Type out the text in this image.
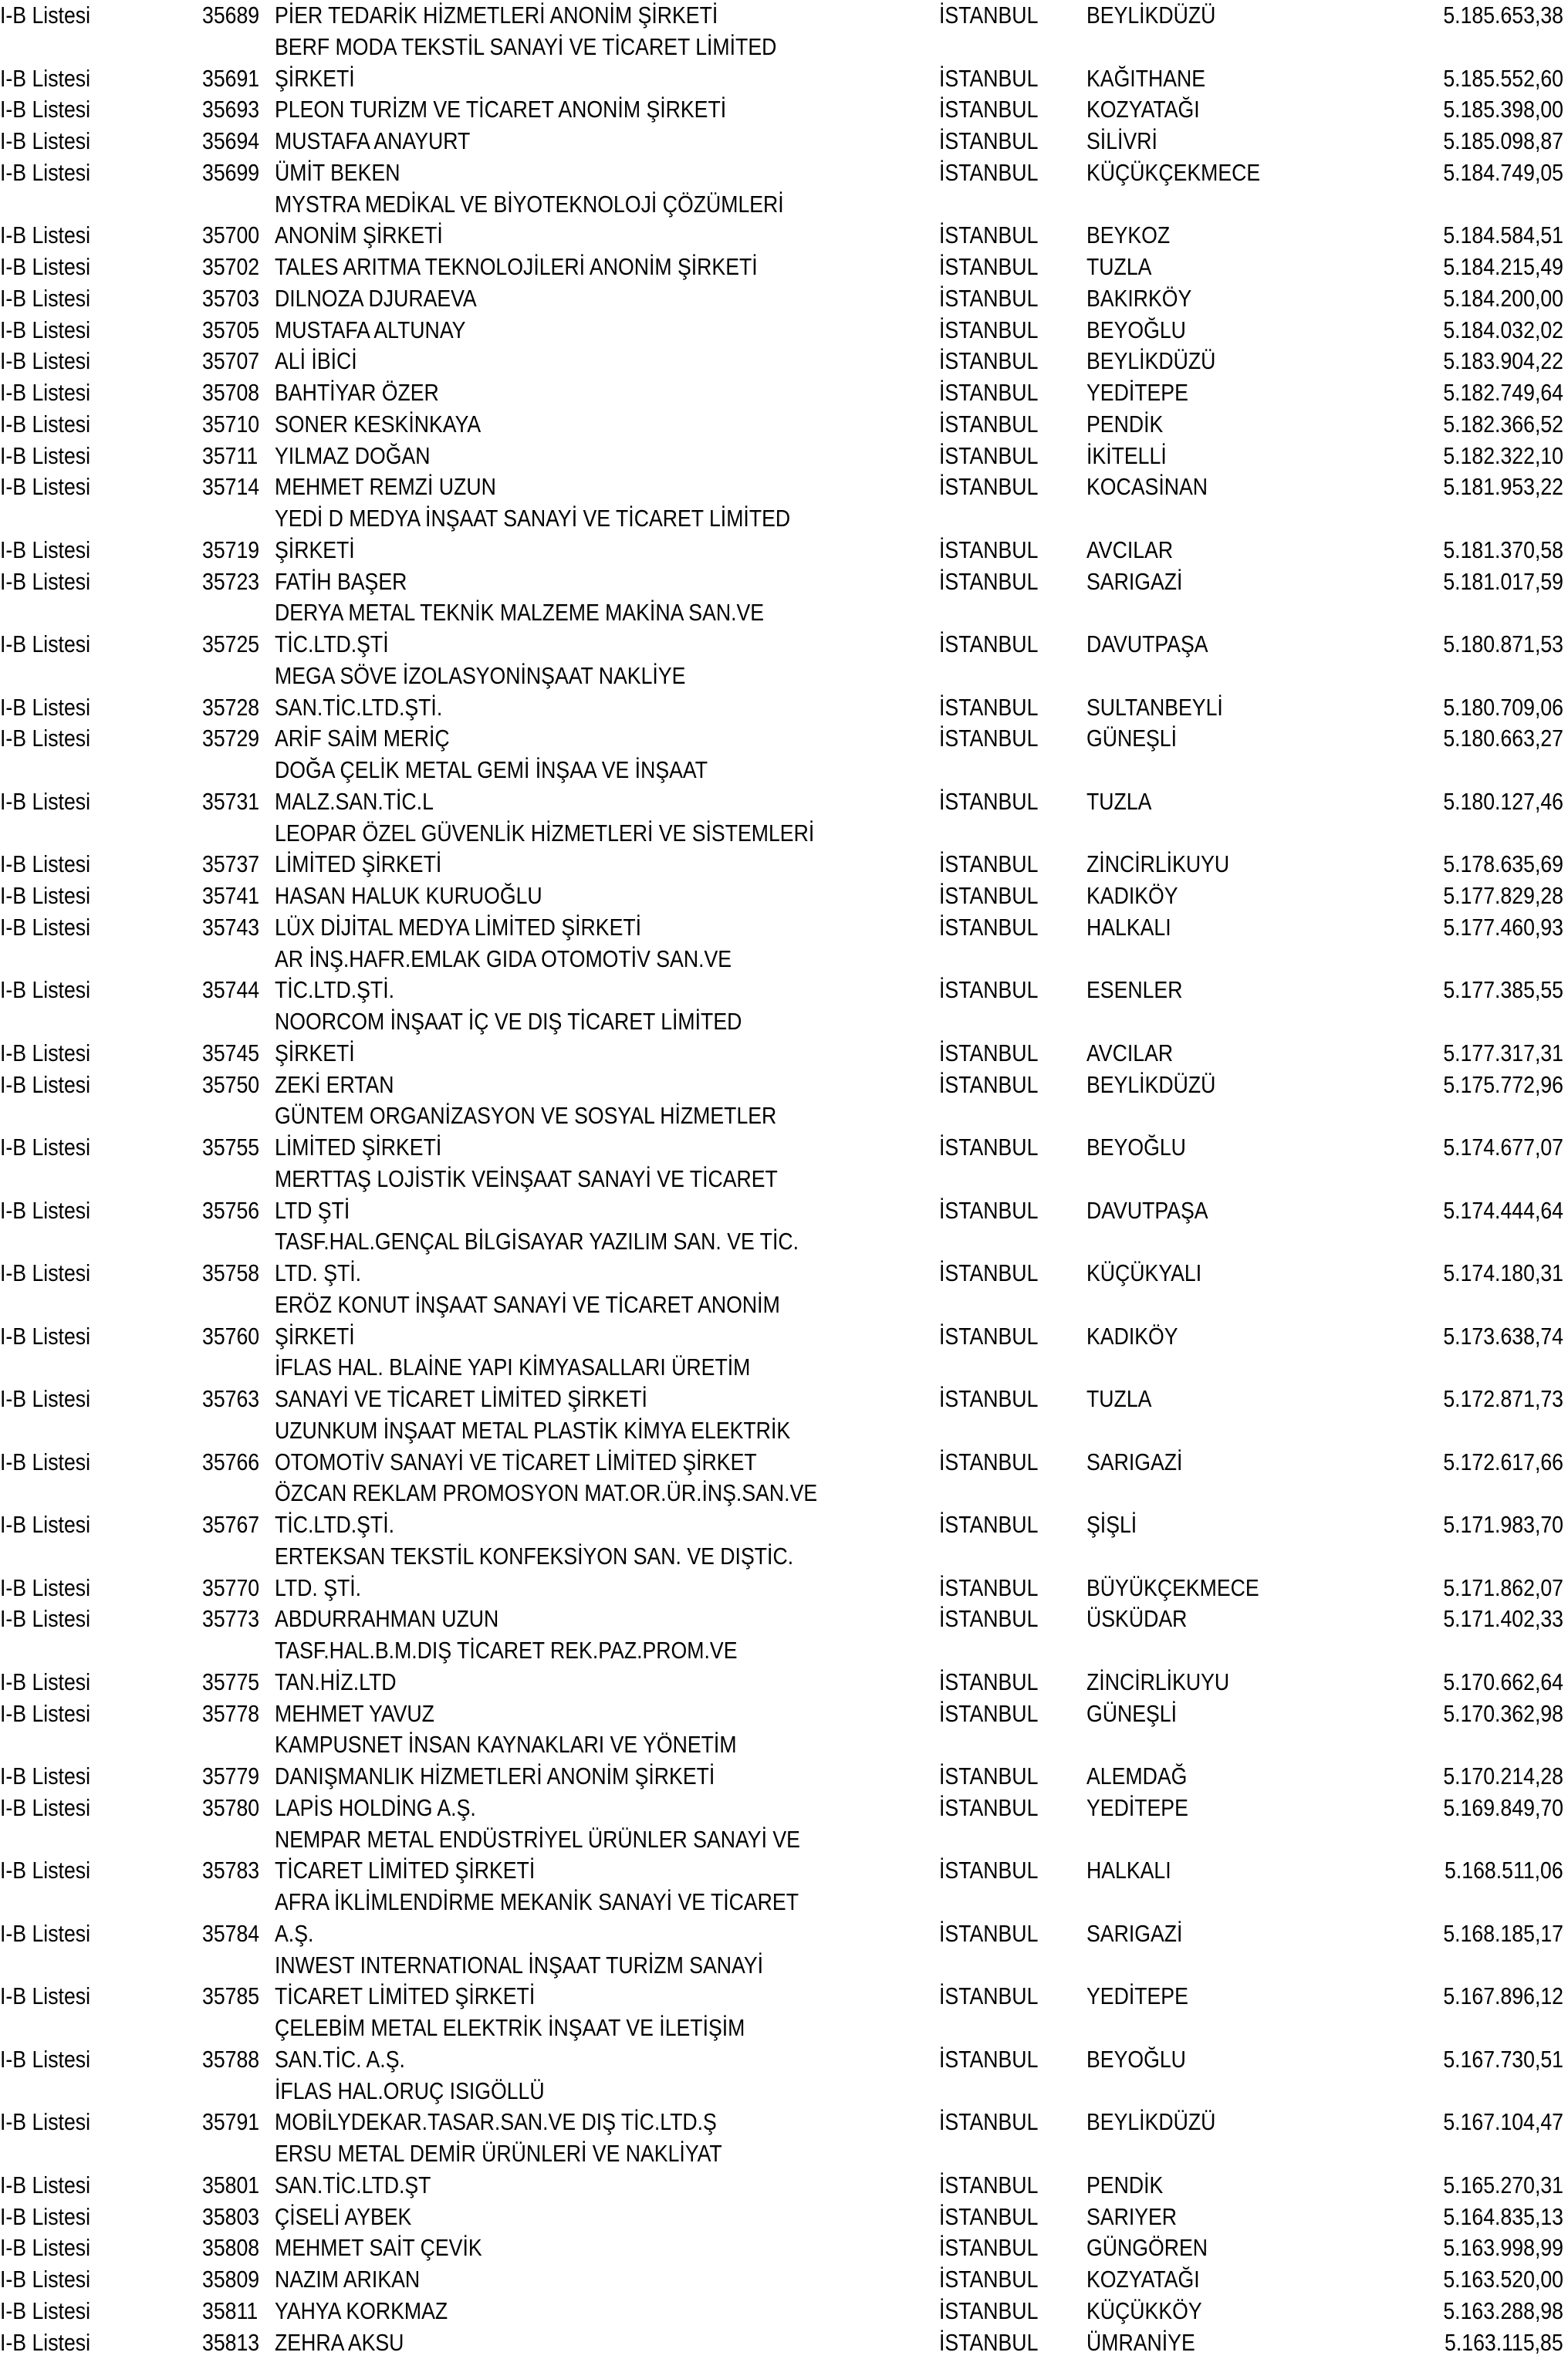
I-B Listesi	35689 PİER TEDARİK HİZMETLERİ ANONİM ŞİRKETİ	İSTANBUL BEYLİKDÜZÜ	5.185.653,38
BERF MODA TEKSTİL SANAYİ VE TİCARET LİMİTED
I-B Listesi	35691 ŞİRKETİ	İSTANBUL KAĞITHANE	5.185.552,60
I-B Listesi	35693 PLEON TURİZM VE TİCARET ANONİM ŞİRKETİ	İSTANBUL KOZYATAĞI	5.185.398,00
I-B Listesi	35694 MUSTAFA ANAYURT	İSTANBUL SİLİVRİ	5.185.098,87
I-B Listesi	35699 ÜMİT BEKEN	İSTANBUL KÜÇÜKÇEKMECE	5.184.749,05
MYSTRA MEDİKAL VE BİYOTEKNOLOJİ ÇÖZÜMLERİ
I-B Listesi	35700 ANONİM ŞİRKETİ	İSTANBUL BEYKOZ	5.184.584,51
I-B Listesi	35702 TALES ARITMA TEKNOLOJİLERİ ANONİM ŞİRKETİ	İSTANBUL TUZLA	5.184.215,49
I-B Listesi	35703 DILNOZA DJURAEVA	İSTANBUL BAKIRKÖY	5.184.200,00
I-B Listesi	35705 MUSTAFA ALTUNAY	İSTANBUL BEYOĞLU	5.184.032,02
I-B Listesi	35707 ALİ İBİCİ	İSTANBUL BEYLİKDÜZÜ	5.183.904,22
I-B Listesi	35708 BAHTİYAR ÖZER	İSTANBUL YEDİTEPE	5.182.749,64
I-B Listesi	35710 SONER KESKİNKAYA	İSTANBUL PENDİK	5.182.366,52
I-B Listesi	35711 YILMAZ DOĞAN	İSTANBUL İKİTELLİ	5.182.322,10
I-B Listesi	35714 MEHMET REMZİ UZUN	İSTANBUL KOCASİNAN	5.181.953,22
YEDİ D MEDYA İNŞAAT SANAYİ VE TİCARET LİMİTED
I-B Listesi	35719 ŞİRKETİ	İSTANBUL AVCILAR	5.181.370,58
I-B Listesi	35723 FATİH BAŞER	İSTANBUL SARIGAZİ	5.181.017,59
DERYA METAL TEKNİK MALZEME MAKİNA SAN.VE
I-B Listesi	35725 TİC.LTD.ŞTİ	İSTANBUL DAVUTPAŞA	5.180.871,53
MEGA SÖVE İZOLASYONİNŞAAT NAKLİYE
I-B Listesi	35728 SAN.TİC.LTD.ŞTİ.	İSTANBUL SULTANBEYLİ	5.180.709,06
I-B Listesi	35729 ARİF SAİM MERİÇ	İSTANBUL GÜNEŞLİ	5.180.663,27
DOĞA ÇELİK METAL GEMİ İNŞAA VE İNŞAAT
I-B Listesi	35731 MALZ.SAN.TİC.L	İSTANBUL TUZLA	5.180.127,46
LEOPAR ÖZEL GÜVENLİK HİZMETLERİ VE SİSTEMLERİ
I-B Listesi	35737 LİMİTED ŞİRKETİ	İSTANBUL ZİNCİRLİKUYU	5.178.635,69
I-B Listesi	35741 HASAN HALUK KURUOĞLU	İSTANBUL KADIKÖY	5.177.829,28
I-B Listesi	35743 LÜX DİJİTAL MEDYA LİMİTED ŞİRKETİ	İSTANBUL HALKALI	5.177.460,93
AR İNŞ.HAFR.EMLAK GIDA OTOMOTİV SAN.VE
I-B Listesi	35744 TİC.LTD.ŞTİ.	İSTANBUL ESENLER	5.177.385,55
NOORCOM İNŞAAT İÇ VE DIŞ TİCARET LİMİTED
I-B Listesi	35745 ŞİRKETİ	İSTANBUL AVCILAR	5.177.317,31
I-B Listesi	35750 ZEKİ ERTAN	İSTANBUL BEYLİKDÜZÜ	5.175.772,96
GÜNTEM ORGANİZASYON VE SOSYAL HİZMETLER
I-B Listesi	35755 LİMİTED ŞİRKETİ	İSTANBUL BEYOĞLU	5.174.677,07
MERTTAŞ LOJİSTİK VEİNŞAAT SANAYİ VE TİCARET
I-B Listesi	35756 LTD ŞTİ	İSTANBUL DAVUTPAŞA	5.174.444,64
TASF.HAL.GENÇAL BİLGİSAYAR YAZILIM SAN. VE TİC.
I-B Listesi	35758 LTD. ŞTİ.	İSTANBUL KÜÇÜKYALI	5.174.180,31
ERÖZ KONUT İNŞAAT SANAYİ VE TİCARET ANONİM
I-B Listesi	35760 ŞİRKETİ	İSTANBUL KADIKÖY	5.173.638,74
İFLAS HAL. BLAİNE YAPI KİMYASALLARI ÜRETİM
I-B Listesi	35763 SANAYİ VE TİCARET LİMİTED ŞİRKETİ	İSTANBUL TUZLA	5.172.871,73
UZUNKUM İNŞAAT METAL PLASTİK KİMYA ELEKTRİK
I-B Listesi	35766 OTOMOTİV SANAYİ VE TİCARET LİMİTED ŞİRKET	İSTANBUL SARIGAZİ	5.172.617,66
ÖZCAN REKLAM PROMOSYON MAT.OR.ÜR.İNŞ.SAN.VE
I-B Listesi	35767 TİC.LTD.ŞTİ.	İSTANBUL ŞİŞLİ	5.171.983,70
ERTEKSAN TEKSTİL KONFEKSİYON SAN. VE DIŞTİC.
I-B Listesi	35770 LTD. ŞTİ.	İSTANBUL BÜYÜKÇEKMECE	5.171.862,07
I-B Listesi	35773 ABDURRAHMAN UZUN	İSTANBUL ÜSKÜDAR	5.171.402,33
TASF.HAL.B.M.DIŞ TİCARET REK.PAZ.PROM.VE
I-B Listesi	35775 TAN.HİZ.LTD	İSTANBUL ZİNCİRLİKUYU	5.170.662,64
I-B Listesi	35778 MEHMET YAVUZ	İSTANBUL GÜNEŞLİ	5.170.362,98
KAMPUSNET İNSAN KAYNAKLARI VE YÖNETİM
I-B Listesi	35779 DANIŞMANLIK HİZMETLERİ ANONİM ŞİRKETİ	İSTANBUL ALEMDAĞ	5.170.214,28
I-B Listesi	35780 LAPİS HOLDİNG A.Ş.	İSTANBUL YEDİTEPE	5.169.849,70
NEMPAR METAL ENDÜSTRİYEL ÜRÜNLER SANAYİ VE
I-B Listesi	35783 TİCARET LİMİTED ŞİRKETİ	İSTANBUL HALKALI	5.168.511,06
AFRA İKLİMLENDİRME MEKANİK SANAYİ VE TİCARET
I-B Listesi	35784 A.Ş.	İSTANBUL SARIGAZİ	5.168.185,17
INWEST INTERNATIONAL İNŞAAT TURİZM SANAYİ
I-B Listesi	35785 TİCARET LİMİTED ŞİRKETİ	İSTANBUL YEDİTEPE	5.167.896,12
ÇELEBİM METAL ELEKTRİK İNŞAAT VE İLETİŞİM
I-B Listesi	35788 SAN.TİC. A.Ş.	İSTANBUL BEYOĞLU	5.167.730,51
İFLAS HAL.ORUÇ ISIGÖLLÜ
I-B Listesi	35791 MOBİLYDEKAR.TASAR.SAN.VE DIŞ TİC.LTD.Ş	İSTANBUL BEYLİKDÜZÜ	5.167.104,47
ERSU METAL DEMİR ÜRÜNLERİ VE NAKLİYAT
I-B Listesi	35801 SAN.TİC.LTD.ŞT	İSTANBUL PENDİK	5.165.270,31
I-B Listesi	35803 ÇİSELİ AYBEK	İSTANBUL SARIYER	5.164.835,13
I-B Listesi	35808 MEHMET SAİT ÇEVİK	İSTANBUL GÜNGÖREN	5.163.998,99
I-B Listesi	35809 NAZIM ARIKAN	İSTANBUL KOZYATAĞI	5.163.520,00
I-B Listesi	35811 YAHYA KORKMAZ	İSTANBUL KÜÇÜKKÖY	5.163.288,98
I-B Listesi	35813 ZEHRA AKSU	İSTANBUL ÜMRANİYE	5.163.115,85
